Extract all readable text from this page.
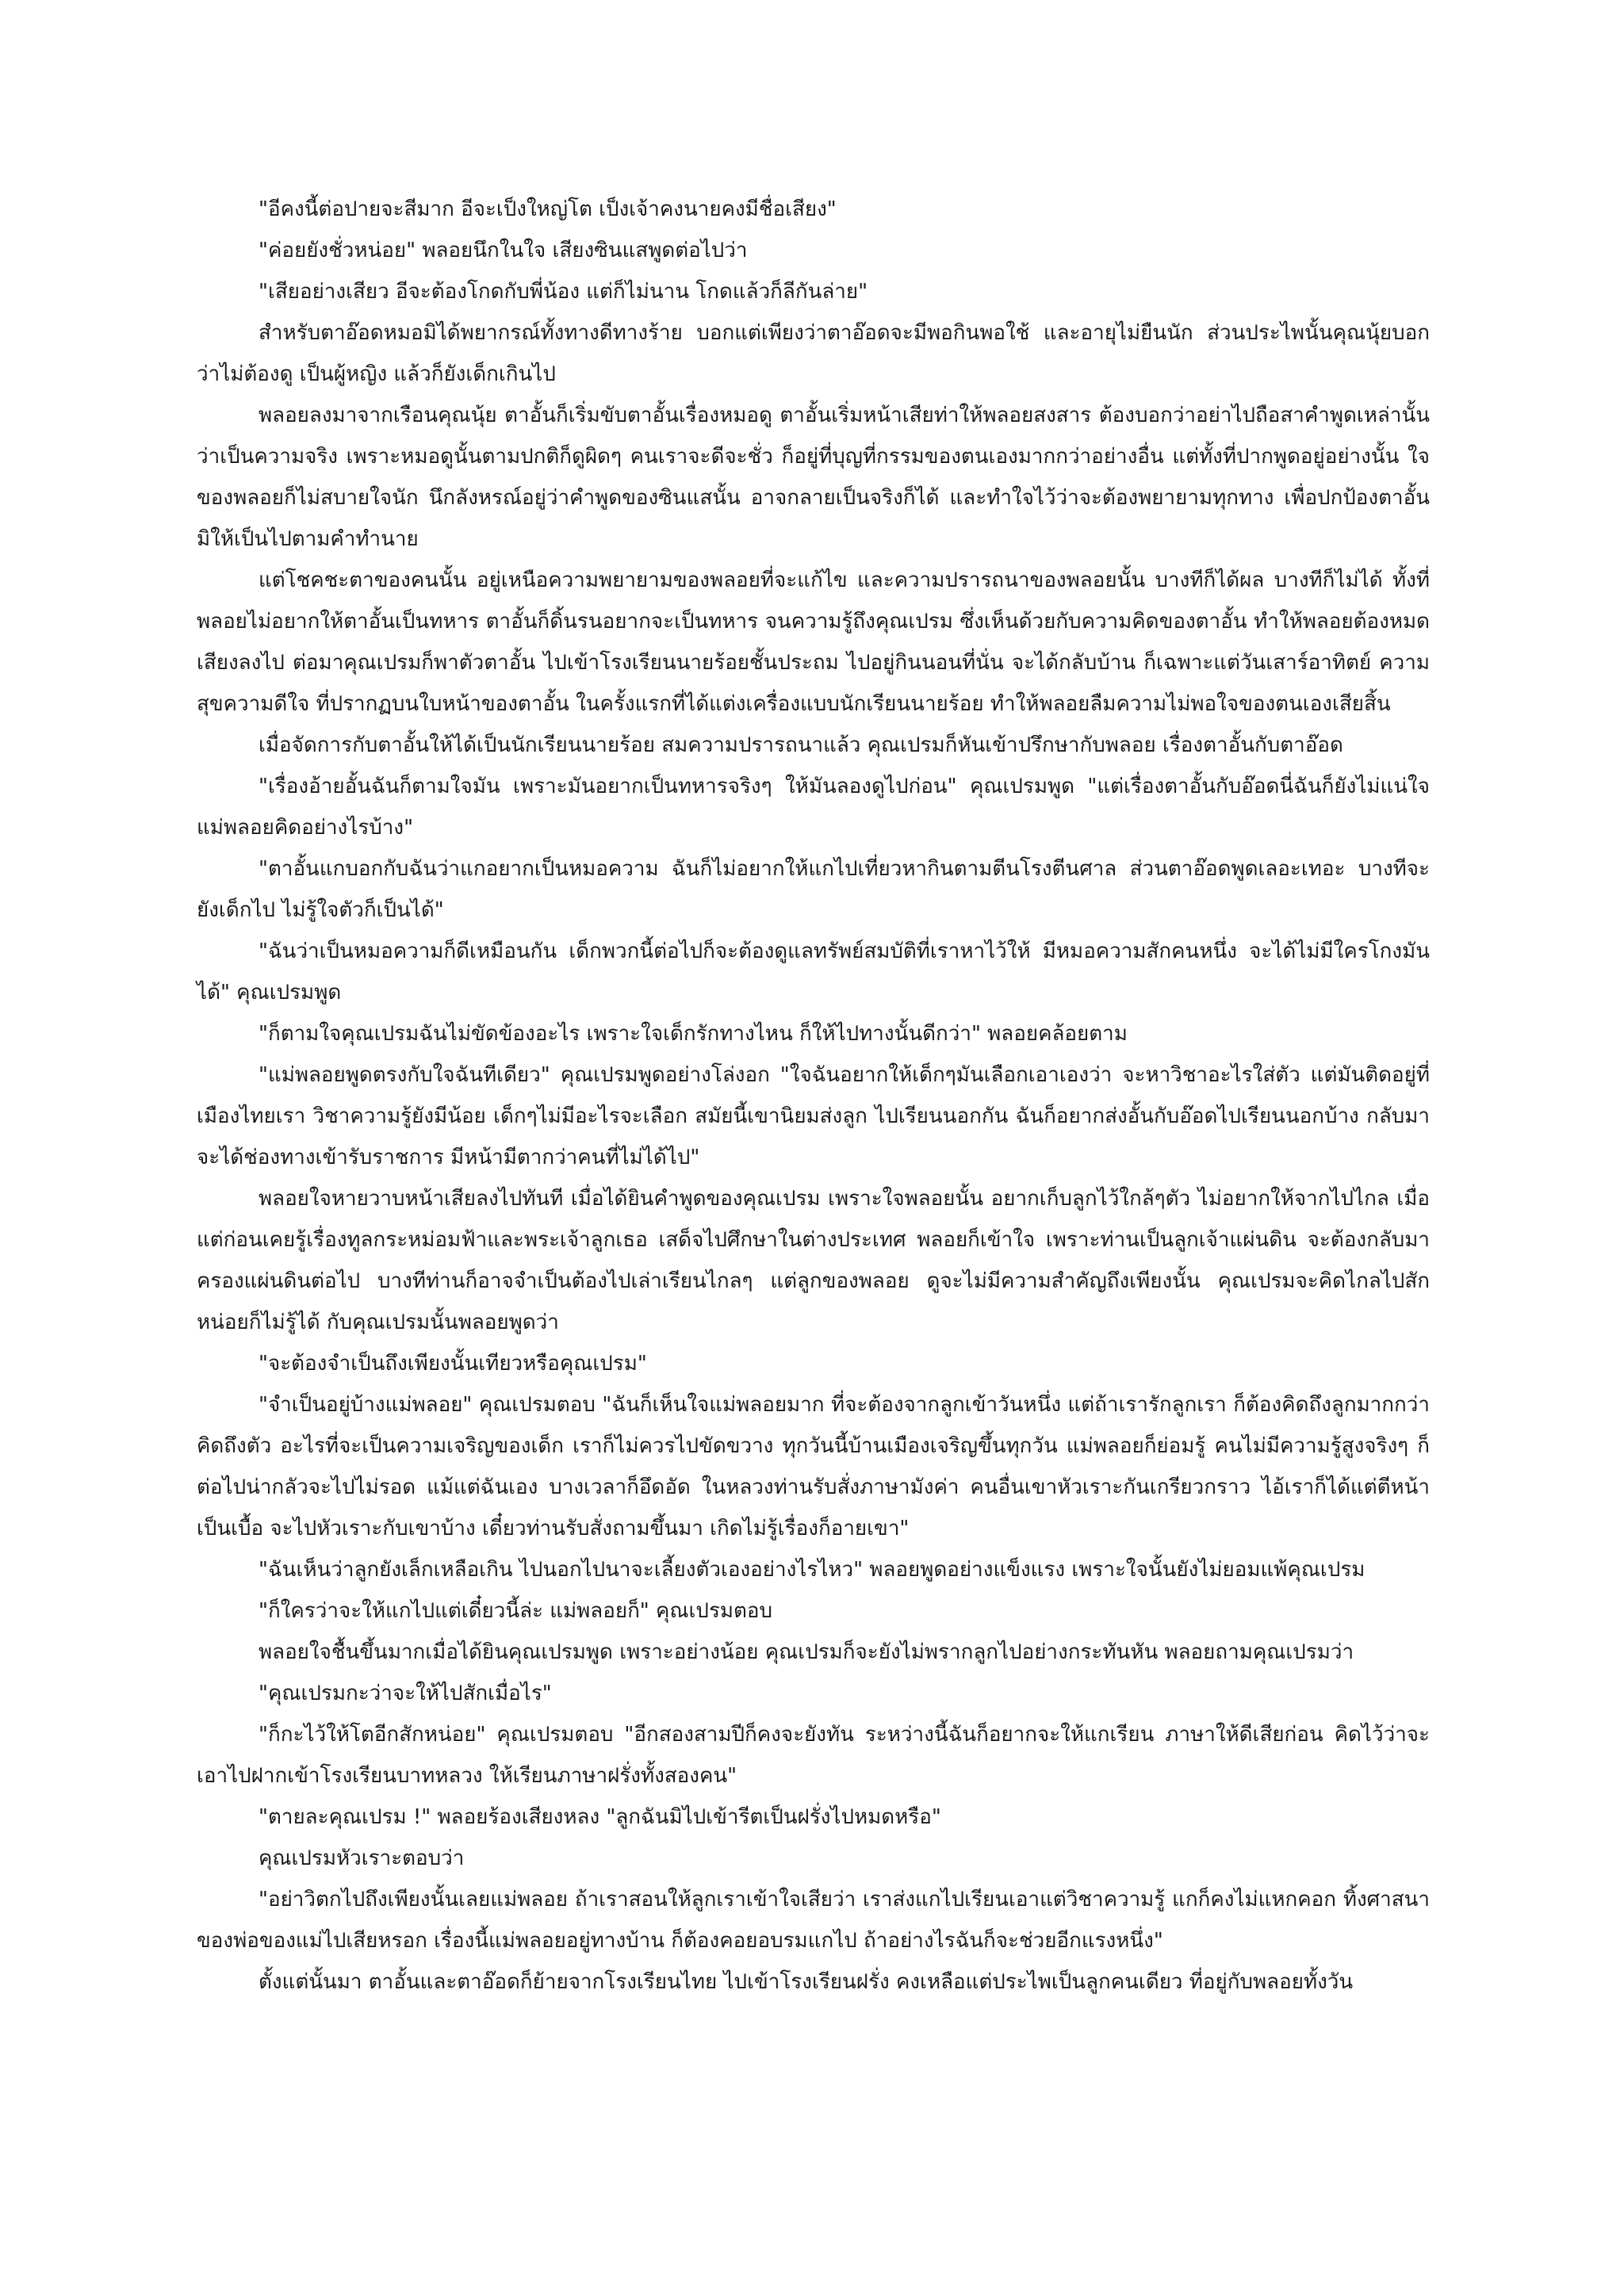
"อีคงนี้ต่อปายจะสีมาก อีจะเป็งใหญ่โต เป็งเจ้าคงนายคงมีชื่อเสียง"

"ค่อยยังชั่วหน่อย" พลอยนึกในใจ เสียงซินแสพูดต่อไปว่า

"เสียอย่างเสียว อีจะต้องโกดกับพี่น้อง แต่ก็ไม่นาน โกดแล้วก็ลีกันล่าย"

สำหรับตาอ๊อดหมอมิได้พยากรณ์ทั้งทางดีทางร้าย บอกแต่เพียงว่าตาอ๊อดจะมีพอกินพอใช้ และอายุไม่ยืนนัก ส่วนประไพนั้นคุณนุ้ยบอกว่าไม่ต้องดู เป็นผู้หญิง แล้วก็ยังเด็กเกินไป

พลอยลงมาจากเรือนคุณนุ้ย ตาอั้นก็เริ่มขับตาอั้นเรื่องหมอดู ตาอั้นเริ่มหน้าเสียท่าให้พลอยสงสาร ต้องบอกว่าอย่าไปถือสาคำพูดเหล่านั้นว่าเป็นความจริง เพราะหมอดูนั้นตามปกติก็ดูผิดๆ คนเราจะดีจะชั่ว ก็อยู่ที่บุญที่กรรมของตนเองมากกว่าอย่างอื่น แต่ทั้งที่ปากพูดอยู่อย่างนั้น ใจของพลอยก็ไม่สบายใจนัก นึกลังหรณ์อยู่ว่าคำพูดของซินแสนั้น อาจกลายเป็นจริงก็ได้ และทำใจไว้ว่าจะต้องพยายามทุกทาง เพื่อปกป้องตาอั้น มิให้เป็นไปตามคำทำนาย

แต่โชคชะตาของคนนั้น อยู่เหนือความพยายามของพลอยที่จะแก้ไข และความปรารถนาของพลอยนั้น บางทีก็ได้ผล บางทีก็ไม่ได้ ทั้งที่พลอยไม่อยากให้ตาอั้นเป็นทหาร ตาอั้นก็ดิ้นรนอยากจะเป็นทหาร จนความรู้ถึงคุณเปรม ซึ่งเห็นด้วยกับความคิดของตาอั้น ทำให้พลอยต้องหมดเสียงลงไป ต่อมาคุณเปรมก็พาตัวตาอั้น ไปเข้าโรงเรียนนายร้อยชั้นประถม ไปอยู่กินนอนที่นั่น จะได้กลับบ้าน ก็เฉพาะแต่วันเสาร์อาทิตย์ ความสุขความดีใจ ที่ปรากฏบนใบหน้าของตาอั้น ในครั้งแรกที่ได้แต่งเครื่องแบบนักเรียนนายร้อย ทำให้พลอยลืมความไม่พอใจของตนเองเสียสิ้น

เมื่อจัดการกับตาอั้นให้ได้เป็นนักเรียนนายร้อย สมความปรารถนาแล้ว คุณเปรมก็หันเข้าปรึกษากับพลอย เรื่องตาอั้นกับตาอ๊อด

"เรื่องอ้ายอั้นฉันก็ตามใจมัน เพราะมันอยากเป็นทหารจริงๆ ให้มันลองดูไปก่อน" คุณเปรมพูด "แต่เรื่องตาอั้นกับอ๊อดนี่ฉันก็ยังไม่แน่ใจ แม่พลอยคิดอย่างไรบ้าง"

"ตาอั้นแกบอกกับฉันว่าแกอยากเป็นหมอความ ฉันก็ไม่อยากให้แกไปเที่ยวหากินตามตีนโรงตีนศาล ส่วนตาอ๊อดพูดเลอะเทอะ บางทีจะยังเด็กไป ไม่รู้ใจตัวก็เป็นได้"

"ฉันว่าเป็นหมอความก็ดีเหมือนกัน เด็กพวกนี้ต่อไปก็จะต้องดูแลทรัพย์สมบัติที่เราหาไว้ให้ มีหมอความสักคนหนึ่ง จะได้ไม่มีใครโกงมันได้" คุณเปรมพูด

"ก็ตามใจคุณเปรมฉันไม่ขัดข้องอะไร เพราะใจเด็กรักทางไหน ก็ให้ไปทางนั้นดีกว่า" พลอยคล้อยตาม

"แม่พลอยพูดตรงกับใจฉันทีเดียว" คุณเปรมพูดอย่างโล่งอก "ใจฉันอยากให้เด็กๆมันเลือกเอาเองว่า จะหาวิชาอะไรใส่ตัว แต่มันติดอยู่ที่เมืองไทยเรา วิชาความรู้ยังมีน้อย เด็กๆไม่มีอะไรจะเลือก สมัยนี้เขานิยมส่งลูก ไปเรียนนอกกัน ฉันก็อยากส่งอั้นกับอ๊อดไปเรียนนอกบ้าง กลับมาจะได้ช่องทางเข้ารับราชการ มีหน้ามีตากว่าคนที่ไม่ได้ไป"

พลอยใจหายวาบหน้าเสียลงไปทันที เมื่อได้ยินคำพูดของคุณเปรม เพราะใจพลอยนั้น อยากเก็บลูกไว้ใกล้ๆตัว ไม่อยากให้จากไปไกล เมื่อแต่ก่อนเคยรู้เรื่องทูลกระหม่อมฟ้าและพระเจ้าลูกเธอ เสด็จไปศึกษาในต่างประเทศ พลอยก็เข้าใจ เพราะท่านเป็นลูกเจ้าแผ่นดิน จะต้องกลับมาครองแผ่นดินต่อไป บางทีท่านก็อาจจำเป็นต้องไปเล่าเรียนไกลๆ แต่ลูกของพลอย ดูจะไม่มีความสำคัญถึงเพียงนั้น คุณเปรมจะคิดไกลไปสักหน่อยก็ไม่รู้ได้ กับคุณเปรมนั้นพลอยพูดว่า

"จะต้องจำเป็นถึงเพียงนั้นเทียวหรือคุณเปรม"

"จำเป็นอยู่บ้างแม่พลอย" คุณเปรมตอบ "ฉันก็เห็นใจแม่พลอยมาก ที่จะต้องจากลูกเข้าวันหนึ่ง แต่ถ้าเรารักลูกเรา ก็ต้องคิดถึงลูกมากกว่าคิดถึงตัว อะไรที่จะเป็นความเจริญของเด็ก เราก็ไม่ควรไปขัดขวาง ทุกวันนี้บ้านเมืองเจริญขึ้นทุกวัน แม่พลอยก็ย่อมรู้ คนไม่มีความรู้สูงจริงๆ ก็ต่อไปน่ากลัวจะไปไม่รอด แม้แต่ฉันเอง บางเวลาก็อึดอัด ในหลวงท่านรับสั่งภาษามังค่า คนอื่นเขาหัวเราะกันเกรียวกราว ไอ้เราก็ได้แต่ตีหน้าเป็นเบื้อ จะไปหัวเราะกับเขาบ้าง เดี๋ยวท่านรับสั่งถามขึ้นมา เกิดไม่รู้เรื่องก็อายเขา"

"ฉันเห็นว่าลูกยังเล็กเหลือเกิน ไปนอกไปนาจะเลี้ยงตัวเองอย่างไรไหว" พลอยพูดอย่างแข็งแรง เพราะใจนั้นยังไม่ยอมแพ้คุณเปรม

"ก็ใครว่าจะให้แกไปแต่เดี๋ยวนี้ล่ะ แม่พลอยก็" คุณเปรมตอบ

พลอยใจชื้นขึ้นมากเมื่อได้ยินคุณเปรมพูด เพราะอย่างน้อย คุณเปรมก็จะยังไม่พรากลูกไปอย่างกระทันหัน พลอยถามคุณเปรมว่า

"คุณเปรมกะว่าจะให้ไปสักเมื่อไร"

"ก็กะไว้ให้โตอีกสักหน่อย" คุณเปรมตอบ "อีกสองสามปีก็คงจะยังทัน ระหว่างนี้ฉันก็อยากจะให้แกเรียน ภาษาให้ดีเสียก่อน คิดไว้ว่าจะเอาไปฝากเข้าโรงเรียนบาทหลวง ให้เรียนภาษาฝรั่งทั้งสองคน"

"ตายละคุณเปรม !" พลอยร้องเสียงหลง "ลูกฉันมิไปเข้ารีตเป็นฝรั่งไปหมดหรือ"

คุณเปรมหัวเราะตอบว่า

"อย่าวิตกไปถึงเพียงนั้นเลยแม่พลอย ถ้าเราสอนให้ลูกเราเข้าใจเสียว่า เราส่งแกไปเรียนเอาแต่วิชาความรู้ แกก็คงไม่แหกคอก ทิ้งศาสนาของพ่อของแม่ไปเสียหรอก เรื่องนี้แม่พลอยอยู่ทางบ้าน ก็ต้องคอยอบรมแกไป ถ้าอย่างไรฉันก็จะช่วยอีกแรงหนึ่ง"

ตั้งแต่นั้นมา ตาอั้นและตาอ๊อดก็ย้ายจากโรงเรียนไทย ไปเข้าโรงเรียนฝรั่ง คงเหลือแต่ประไพเป็นลูกคนเดียว ที่อยู่กับพลอยทั้งวัน
